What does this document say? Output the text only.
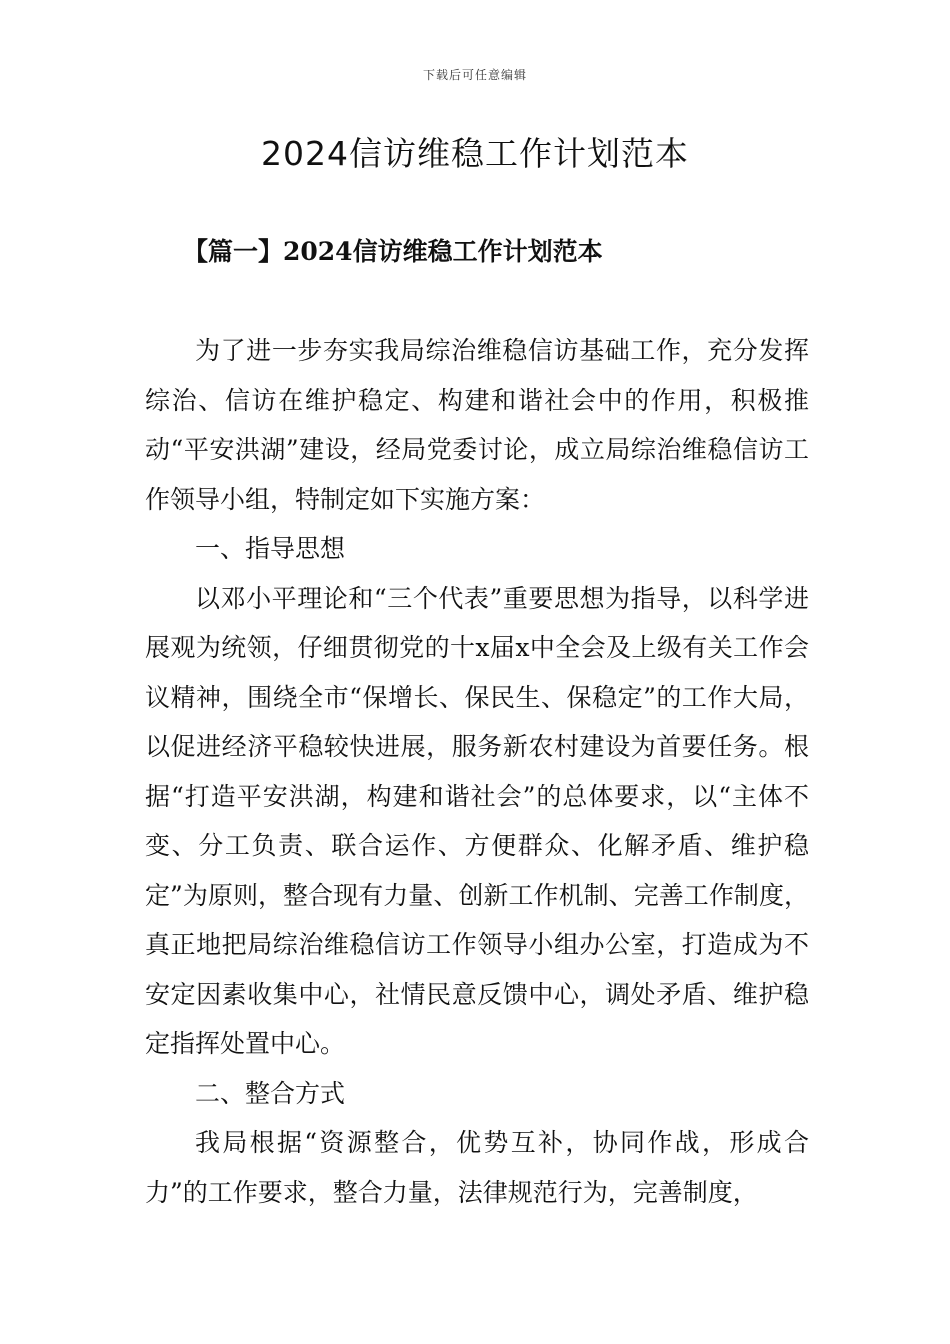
下载后可任意编辑
2024信访维稳工作计划范本
【篇一】2024信访维稳工作计划范本

为了进一步夯实我局综治维稳信访基础工作，充分发挥综治、信访在维护稳定、构建和谐社会中的作用，积极推动“平安洪湖”建设，经局党委讨论，成立局综治维稳信访工作领导小组，特制定如下实施方案：

一、指导思想

以邓小平理论和“三个代表”重要思想为指导，以科学进展观为统领，仔细贯彻党的十x届x中全会及上级有关工作会议精神，围绕全市“保增长、保民生、保稳定”的工作大局，以促进经济平稳较快进展，服务新农村建设为首要任务。根据“打造平安洪湖，构建和谐社会”的总体要求，以“主体不变、分工负责、联合运作、方便群众、化解矛盾、维护稳定”为原则，整合现有力量、创新工作机制、完善工作制度，真正地把局综治维稳信访工作领导小组办公室，打造成为不安定因素收集中心，社情民意反馈中心，调处矛盾、维护稳定指挥处置中心。

二、整合方式

我局根据“资源整合，优势互补，协同作战，形成合力”的工作要求，整合力量，法律规范行为，完善制度，
